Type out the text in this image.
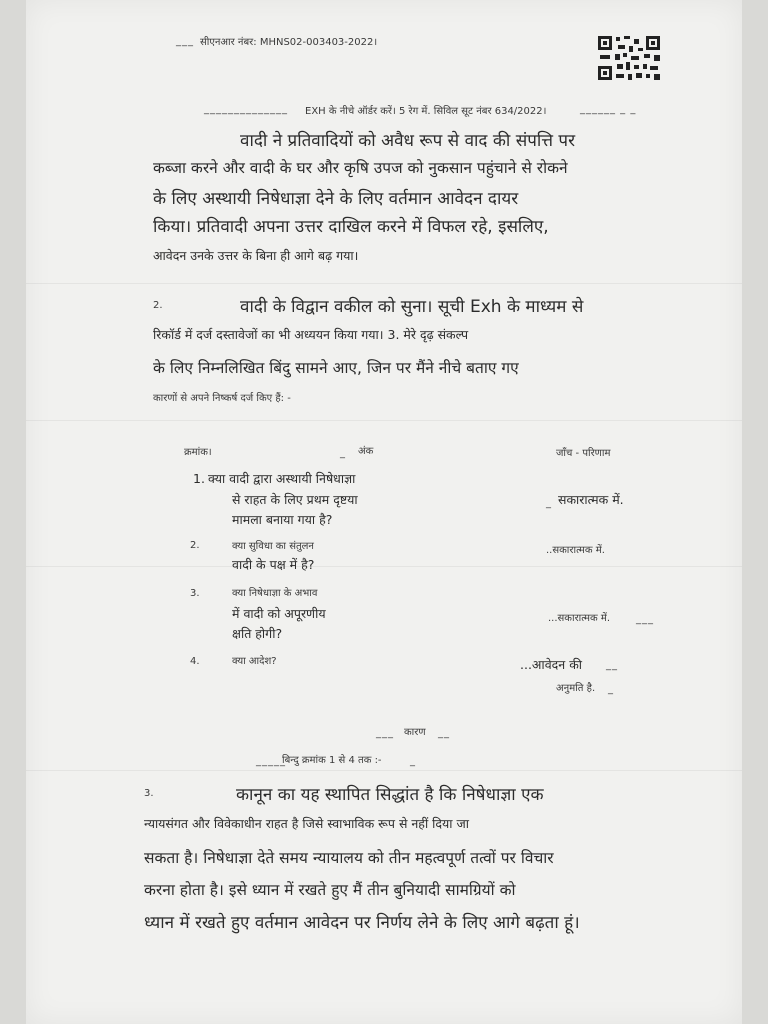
___ सीएनआर नंबर: MHNS02-003403-2022।
______________ EXH के नीचे ऑर्डर करें। 5 रेग में. सिविल सूट नंबर 634/2022।	______ _ _
वादी ने प्रतिवादियों को अवैध रूप से वाद की संपत्ति पर
कब्जा करने और वादी के घर और कृषि उपज को नुकसान पहुंचाने से रोकने
के लिए अस्थायी निषेधाज्ञा देने के लिए वर्तमान आवेदन दायर
किया। प्रतिवादी अपना उत्तर दाखिल करने में विफल रहे, इसलिए,
आवेदन उनके उत्तर के बिना ही आगे बढ़ गया।
2.	वादी के विद्वान वकील को सुना। सूची Exh के माध्यम से
रिकॉर्ड में दर्ज दस्तावेजों का भी अध्ययन किया गया। 3. मेरे दृढ़ संकल्प
के लिए निम्नलिखित बिंदु सामने आए, जिन पर मैंने नीचे बताए गए
कारणों से अपने निष्कर्ष दर्ज किए हैं: -
क्रमांक।	_ अंक	जाँच - परिणाम
1. क्या वादी द्वारा अस्थायी निषेधाज्ञा
से राहत के लिए प्रथम दृष्टया
मामला बनाया गया है?
_ सकारात्मक में.
2.	क्या सुविधा का संतुलन
वादी के पक्ष में है?
..सकारात्मक में.
3.	क्या निषेधाज्ञा के अभाव
में वादी को अपूरणीय
क्षति होगी?
...सकारात्मक में.	___
4.	क्या आदेश?	...आवेदन की __
अनुमति है. _
___ कारण __
_____
बिन्दु क्रमांक 1 से 4 तक :-	_
3.	कानून का यह स्थापित सिद्धांत है कि निषेधाज्ञा एक
न्यायसंगत और विवेकाधीन राहत है जिसे स्वाभाविक रूप से नहीं दिया जा
सकता है। निषेधाज्ञा देते समय न्यायालय को तीन महत्वपूर्ण तत्वों पर विचार
करना होता है। इसे ध्यान में रखते हुए मैं तीन बुनियादी सामग्रियों को
ध्यान में रखते हुए वर्तमान आवेदन पर निर्णय लेने के लिए आगे बढ़ता हूं।
